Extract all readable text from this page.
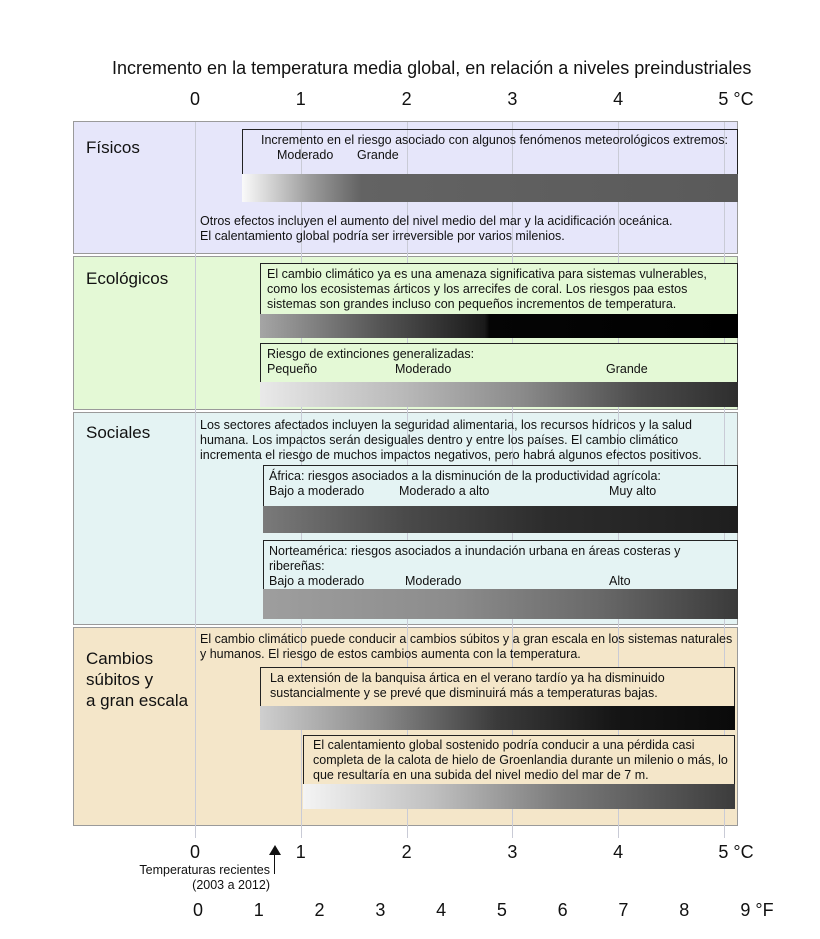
Incremento en la temperatura media global, en relación a niveles preindustriales
0	1	2	3	4	5 °C
Físicos
Ecológicos
Sociales
Cambios
súbitos y
a gran escala
Incremento en el riesgo asociado con algunos fenómenos meteorológicos extremos:
Moderado Grande
Otros efectos incluyen el aumento del nivel medio del mar y la acidificación oceánica.
El calentamiento global podría ser irreversible por varios milenios.
El cambio climático ya es una amenaza significativa para sistemas vulnerables, como los ecosistemas árticos y los arrecifes de coral. Los riesgos paa estos sistemas son grandes incluso con pequeños incrementos de temperatura.
Riesgo de extinciones generalizadas:
Pequeño	Moderado	Grande
Los sectores afectados incluyen la seguridad alimentaria, los recursos hídricos y la salud humana. Los impactos serán desiguales dentro y entre los países. El cambio climático incrementa el riesgo de muchos impactos negativos, pero habrá algunos efectos positivos.
África: riesgos asociados a la disminución de la productividad agrícola:
Bajo a moderado	Moderado a alto	Muy alto
Norteamérica: riesgos asociados a inundación urbana en áreas costeras y ribereñas:
Bajo a moderado	Moderado	Alto
El cambio climático puede conducir a cambios súbitos y a gran escala en los sistemas naturales y humanos. El riesgo de estos cambios aumenta con la temperatura.
La extensión de la banquisa ártica en el verano tardío ya ha disminuido sustancialmente y se prevé que disminuirá más a temperaturas bajas.
El calentamiento global sostenido podría conducir a una pérdida casi completa de la calota de hielo de Groenlandia durante un milenio o más, lo que resultaría en una subida del nivel medio del mar de 7 m.
0	1	2	3	4	5 °C
Temperaturas recientes
(2003 a 2012)
0	1	2	3	4	5	6	7	8	9 °F
